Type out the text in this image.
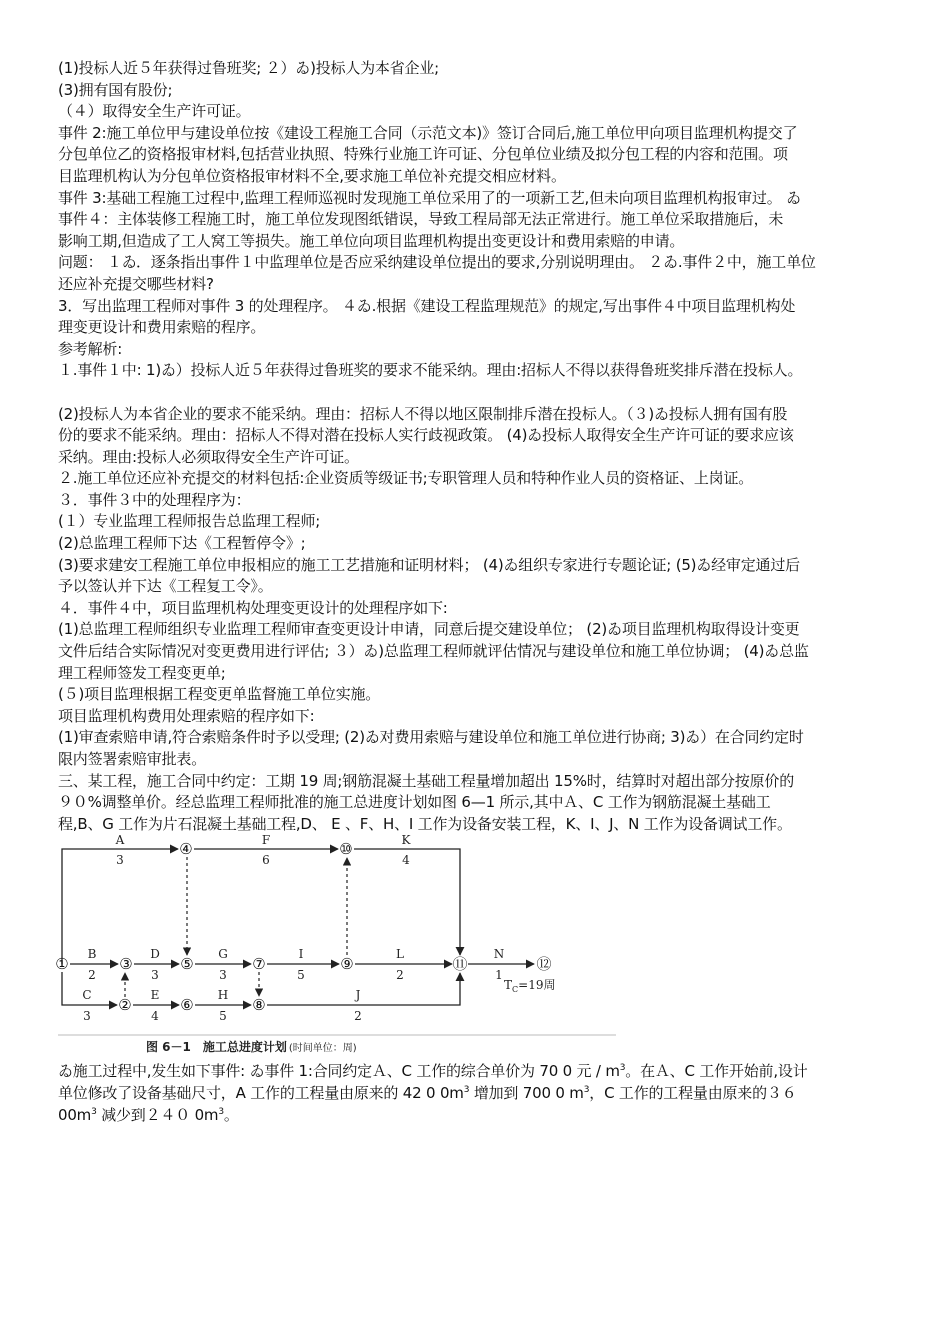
(1)投标人近５年获得过鲁班奖; ２）ゐ)投标人为本省企业;
(3)拥有国有股份;
（４）取得安全生产许可证。
事件 2:施工单位甲与建设单位按《建设工程施工合同（示范文本)》签订合同后,施工单位甲向项目监理机构提交了
分包单位乙的资格报审材料,包括营业执照、特殊行业施工许可证、分包单位业绩及拟分包工程的内容和范围。项
目监理机构认为分包单位资格报审材料不全,要求施工单位补充提交相应材料。
事件 3:基础工程施工过程中,监理工程师巡视时发现施工单位采用了的一项新工艺,但未向项目监理机构报审过。 ゐ
事件４：主体装修工程施工时，施工单位发现图纸错误，导致工程局部无法正常进行。施工单位采取措施后，未
影响工期,但造成了工人窝工等损失。施工单位向项目监理机构提出变更设计和费用索赔的申请。
问题： １ゐ．逐条指出事件１中监理单位是否应采纳建设单位提出的要求,分别说明理由。 ２ゐ.事件２中，施工单位
还应补充提交哪些材料?
3．写出监理工程师对事件 3 的处理程序。 ４ゐ.根据《建设工程监理规范》的规定,写出事件４中项目监理机构处
理变更设计和费用索赔的程序。
参考解析:
１.事件１中: 1)ゐ）投标人近５年获得过鲁班奖的要求不能采纳。理由:招标人不得以获得鲁班奖排斥潜在投标人。
(2)投标人为本省企业的要求不能采纳。理由：招标人不得以地区限制排斥潜在投标人。（３)ゐ投标人拥有国有股
份的要求不能采纳。理由：招标人不得对潜在投标人实行歧视政策。 (4)ゐ投标人取得安全生产许可证的要求应该
采纳。理由:投标人必须取得安全生产许可证。
２.施工单位还应补充提交的材料包括:企业资质等级证书;专职管理人员和特种作业人员的资格证、上岗证。
３．事件３中的处理程序为：
(１）专业监理工程师报告总监理工程师;
(2)总监理工程师下达《工程暂停令》;
(3)要求建安工程施工单位申报相应的施工工艺措施和证明材料； (4)ゐ组织专家进行专题论证; (5)ゐ经审定通过后
予以签认并下达《工程复工令》。
４．事件４中，项目监理机构处理变更设计的处理程序如下:
(1)总监理工程师组织专业监理工程师审查变更设计申请，同意后提交建设单位； (2)ゐ项目监理机构取得设计变更
文件后结合实际情况对变更费用进行评估; ３）ゐ)总监理工程师就评估情况与建设单位和施工单位协调； (4)ゐ总监
理工程师签发工程变更单;
(５)项目监理根据工程变更单监督施工单位实施。
项目监理机构费用处理索赔的程序如下:
(1)审查索赔申请,符合索赔条件时予以受理; (2)ゐ对费用索赔与建设单位和施工单位进行协商; 3)ゐ）在合同约定时
限内签署索赔审批表。
三、某工程，施工合同中约定：工期 19 周;钢筋混凝土基础工程量增加超出 15%时，结算时对超出部分按原价的
９０%调整单价。经总监理工程师批准的施工总进度计划如图 6—1 所示,其中Ａ、C 工作为钢筋混凝土基础工
程,B、G 工作为片石混凝土基础工程,D、 E 、F、H、I 工作为设备安装工程，K、I、J、N 工作为设备调试工作。
①
②
③
④
⑤
⑥
⑦
⑧
⑨
⑩
⑪	⑫
A
3
F
6
K
4
B
2
D
3
G
3
I
5
L
2
N
1
C
3
E
4
H
5
J
2
$T_C=19$周
图 6－1　施工总进度计划 (时间单位：周)
ゐ施工过程中,发生如下事件: ゐ事件 1:合同约定Ａ、C 工作的综合单价为 70 0 元 / $m^3$。在Ａ、C 工作开始前,设计
单位修改了设备基础尺寸，A 工作的工程量由原来的 42 0 $0m^3$ 增加到 700 0 $m^3$，C 工作的工程量由原来的３６
$00m^3$ 减少到２４０ $0m^3$。
